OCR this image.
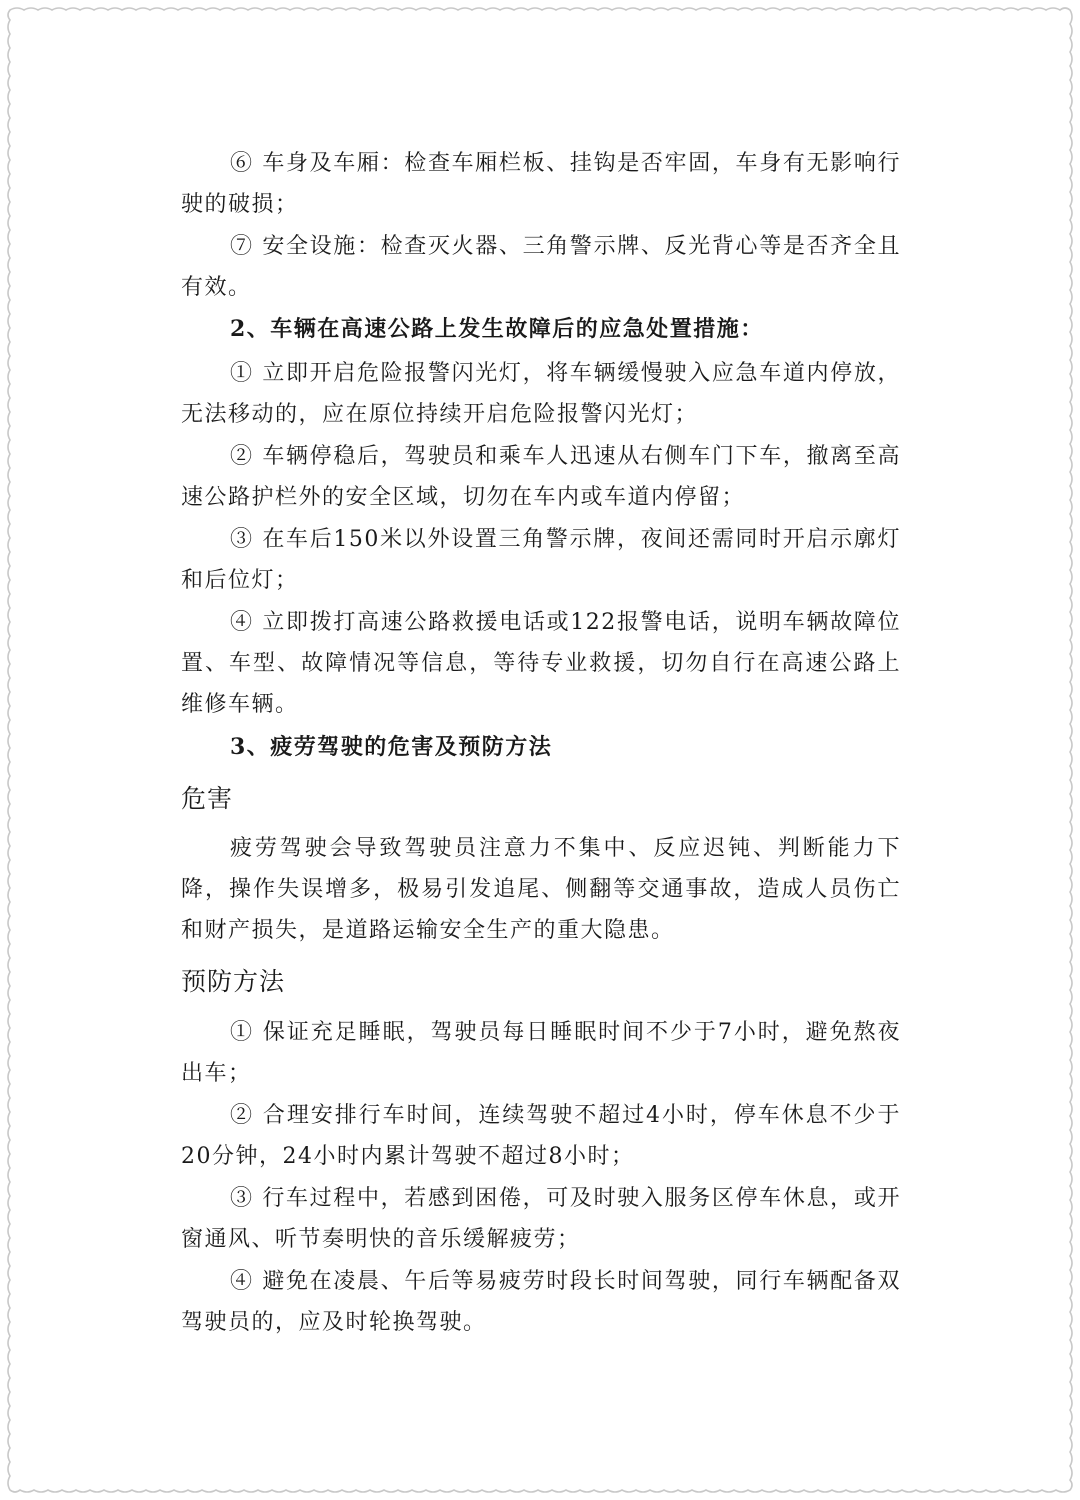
⑥ 车身及车厢：检查车厢栏板、挂钩是否牢固，车身有无影响行驶的破损；

⑦ 安全设施：检查灭火器、三角警示牌、反光背心等是否齐全且有效。

2、车辆在高速公路上发生故障后的应急处置措施：

① 立即开启危险报警闪光灯，将车辆缓慢驶入应急车道内停放，无法移动的，应在原位持续开启危险报警闪光灯；

② 车辆停稳后，驾驶员和乘车人迅速从右侧车门下车，撤离至高速公路护栏外的安全区域，切勿在车内或车道内停留；

③ 在车后150米以外设置三角警示牌，夜间还需同时开启示廓灯和后位灯；

④ 立即拨打高速公路救援电话或122报警电话，说明车辆故障位置、车型、故障情况等信息，等待专业救援，切勿自行在高速公路上维修车辆。

3、疲劳驾驶的危害及预防方法

危害

疲劳驾驶会导致驾驶员注意力不集中、反应迟钝、判断能力下降，操作失误增多，极易引发追尾、侧翻等交通事故，造成人员伤亡和财产损失，是道路运输安全生产的重大隐患。

预防方法

① 保证充足睡眠，驾驶员每日睡眠时间不少于7小时，避免熬夜出车；

② 合理安排行车时间，连续驾驶不超过4小时，停车休息不少于20分钟，24小时内累计驾驶不超过8小时；

③ 行车过程中，若感到困倦，可及时驶入服务区停车休息，或开窗通风、听节奏明快的音乐缓解疲劳；

④ 避免在凌晨、午后等易疲劳时段长时间驾驶，同行车辆配备双驾驶员的，应及时轮换驾驶。
